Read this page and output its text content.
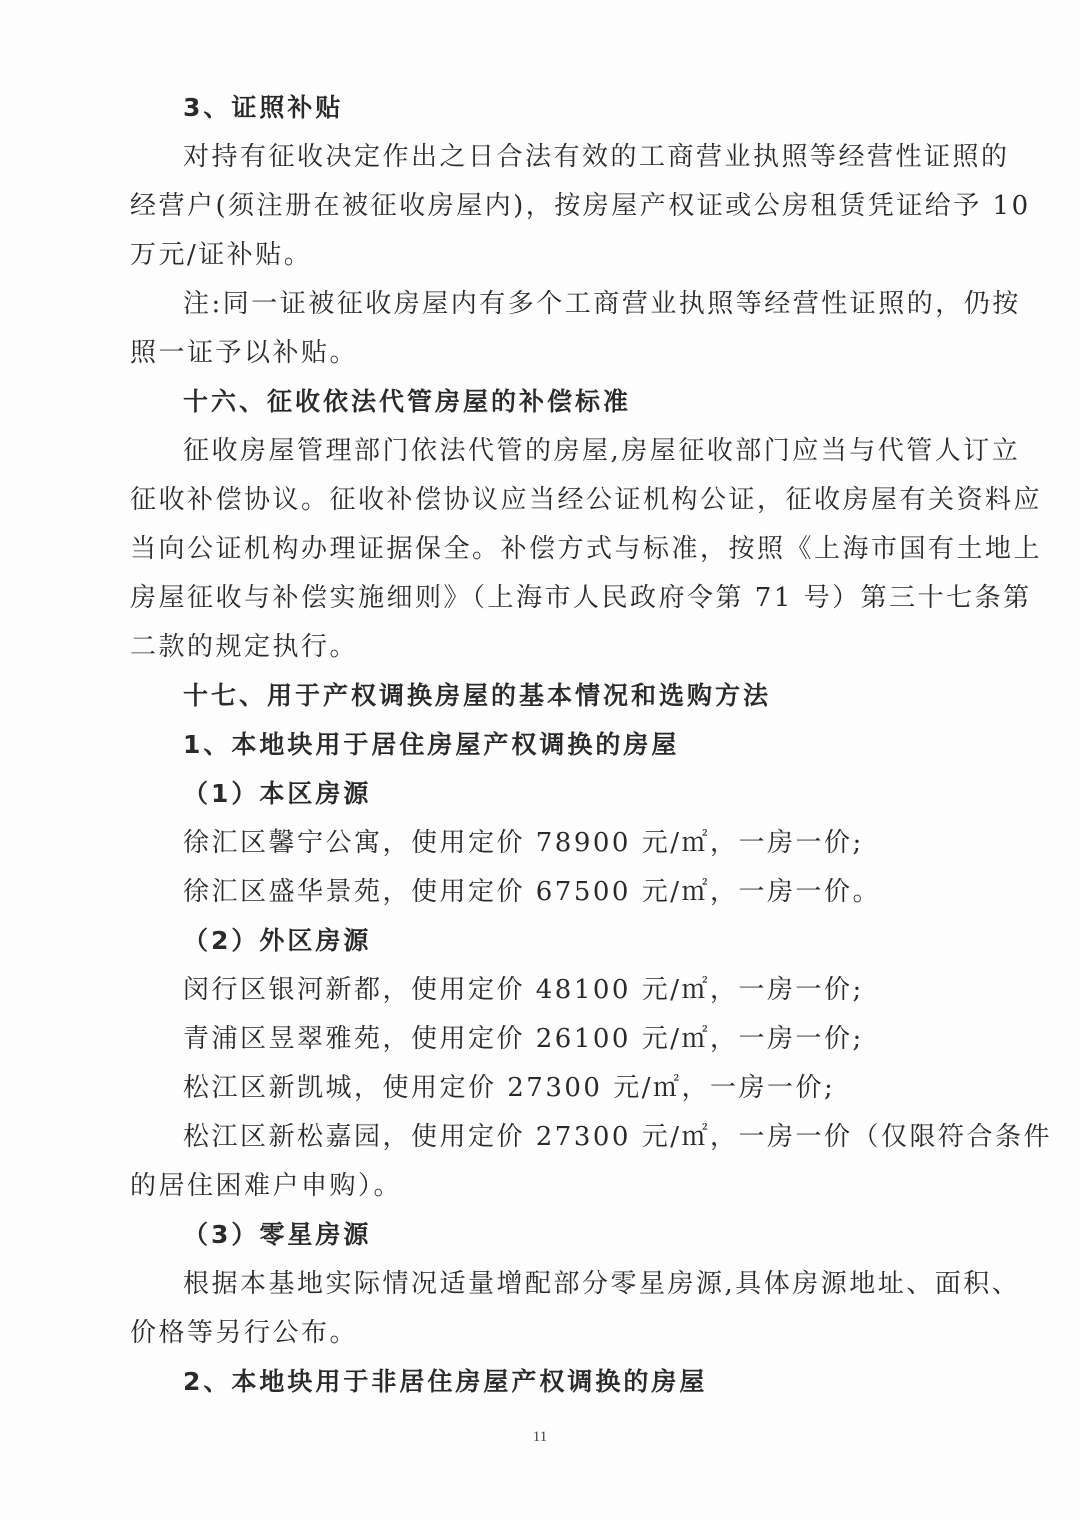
3、证照补贴
对持有征收决定作出之日合法有效的工商营业执照等经营性证照的
经营户(须注册在被征收房屋内)，按房屋产权证或公房租赁凭证给予 10
万元/证补贴。
注:同一证被征收房屋内有多个工商营业执照等经营性证照的，仍按
照一证予以补贴。
十六、征收依法代管房屋的补偿标准
征收房屋管理部门依法代管的房屋,房屋征收部门应当与代管人订立
征收补偿协议。征收补偿协议应当经公证机构公证，征收房屋有关资料应
当向公证机构办理证据保全。补偿方式与标准，按照《上海市国有土地上
房屋征收与补偿实施细则》（上海市人民政府令第 71 号）第三十七条第
二款的规定执行。
十七、用于产权调换房屋的基本情况和选购方法
1、本地块用于居住房屋产权调换的房屋
（1）本区房源
徐汇区馨宁公寓，使用定价 78900 元/㎡，一房一价;
徐汇区盛华景苑，使用定价 67500 元/㎡，一房一价。
（2）外区房源
闵行区银河新都，使用定价 48100 元/㎡，一房一价;
青浦区昱翠雅苑，使用定价 26100 元/㎡，一房一价;
松江区新凯城，使用定价 27300 元/㎡，一房一价;
松江区新松嘉园，使用定价 27300 元/㎡，一房一价（仅限符合条件
的居住困难户申购）。
（3）零星房源
根据本基地实际情况适量增配部分零星房源,具体房源地址、面积、
价格等另行公布。
2、本地块用于非居住房屋产权调换的房屋
11
